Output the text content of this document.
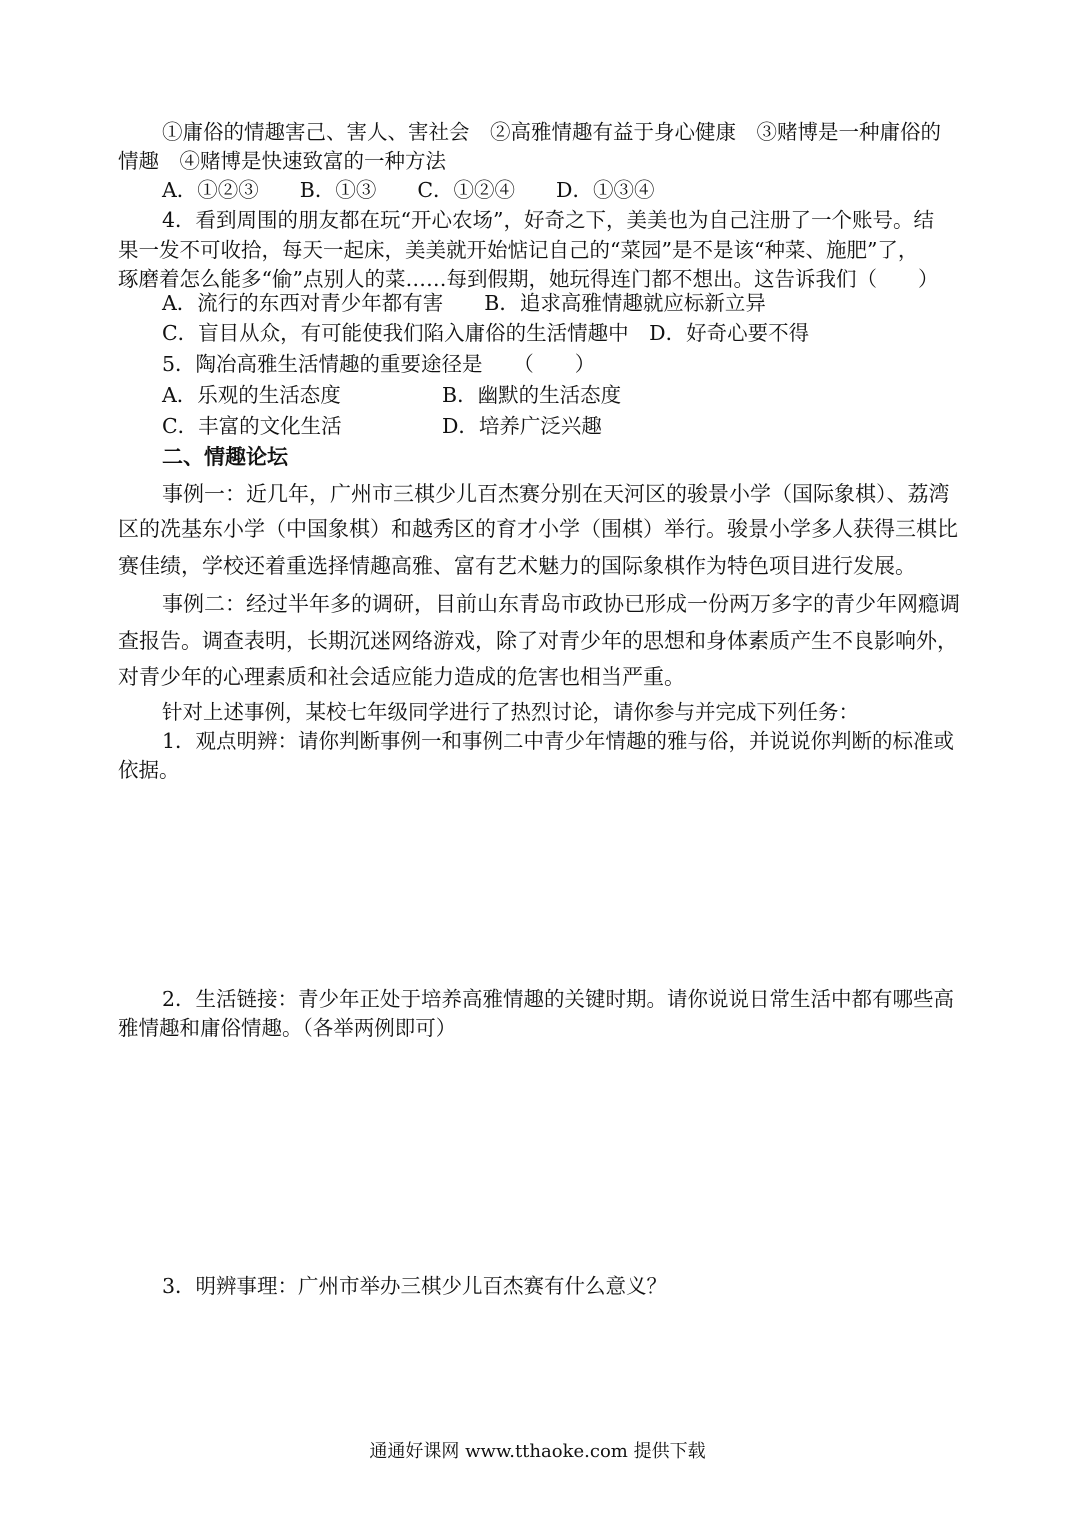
①庸俗的情趣害己、害人、害社会　②高雅情趣有益于身心健康　③赌博是一种庸俗的
情趣　④赌博是快速致富的一种方法
A．①②③　　B．①③　　C．①②④　　D．①③④
4．看到周围的朋友都在玩“开心农场”，好奇之下，美美也为自己注册了一个账号。结
果一发不可收拾，每天一起床，美美就开始惦记自己的“菜园”是不是该“种菜、施肥”了，
琢磨着怎么能多“偷”点别人的菜……每到假期，她玩得连门都不想出。这告诉我们（　　）
A．流行的东西对青少年都有害　　B．追求高雅情趣就应标新立异
C．盲目从众，有可能使我们陷入庸俗的生活情趣中　D．好奇心要不得
5．陶冶高雅生活情趣的重要途径是　　（　　）
A．乐观的生活态度	B．幽默的生活态度
C．丰富的文化生活	D．培养广泛兴趣
二、情趣论坛
事例一：近几年，广州市三棋少儿百杰赛分别在天河区的骏景小学（国际象棋）、荔湾
区的冼基东小学（中国象棋）和越秀区的育才小学（围棋）举行。骏景小学多人获得三棋比
赛佳绩，学校还着重选择情趣高雅、富有艺术魅力的国际象棋作为特色项目进行发展。
事例二：经过半年多的调研，目前山东青岛市政协已形成一份两万多字的青少年网瘾调
查报告。调查表明，长期沉迷网络游戏，除了对青少年的思想和身体素质产生不良影响外，
对青少年的心理素质和社会适应能力造成的危害也相当严重。
针对上述事例，某校七年级同学进行了热烈讨论，请你参与并完成下列任务：
1．观点明辨：请你判断事例一和事例二中青少年情趣的雅与俗，并说说你判断的标准或
依据。
2．生活链接：青少年正处于培养高雅情趣的关键时期。请你说说日常生活中都有哪些高
雅情趣和庸俗情趣。（各举两例即可）
3．明辨事理：广州市举办三棋少儿百杰赛有什么意义？
通通好课网 www.tthaoke.com 提供下载
